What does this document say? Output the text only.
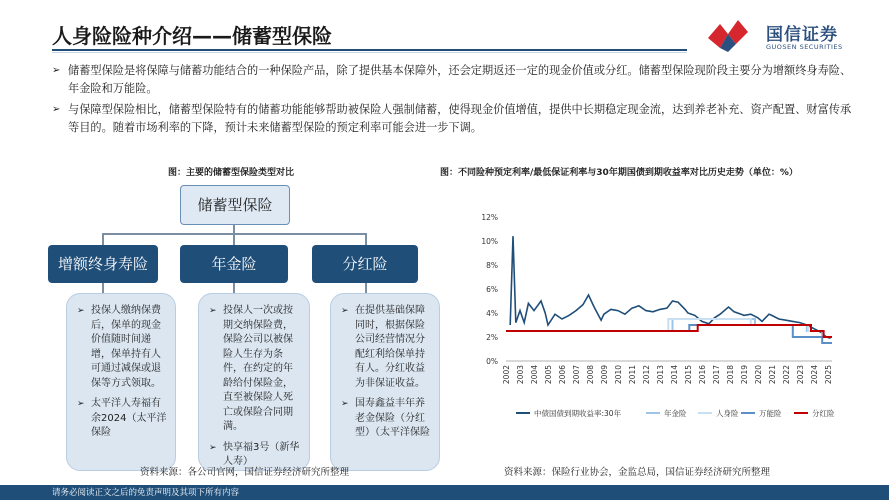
人身险险种介绍——储蓄型保险	国信证券
GUOSEN SECURITIES
➢ 储蓄型保险是将保障与储蓄功能结合的一种保险产品，除了提供基本保障外，还会定期返还一定的现金价值或分红。储蓄型保险现阶段主要分为增额终身寿险、年金险和万能险。
➢ 与保障型保险相比，储蓄型保险特有的储蓄功能能够帮助被保险人强制储蓄，使得现金价值增值，提供中长期稳定现金流，达到养老补充、资产配置、财富传承等目的。随着市场利率的下降，预计未来储蓄型保险的预定利率可能会进一步下调。
图：主要的储蓄型保险类型对比
储蓄型保险
增额终身寿险	年金险	分红险
➢ 投保人缴纳保费后，保单的现金价值随时间递增，保单持有人可通过减保或退保等方式领取。
➢ 太平洋人寿福有余2024（太平洋保险
➢ 投保人一次或按期交纳保险费，保险公司以被保险人生存为条件，在约定的年龄给付保险金，直至被保险人死亡或保险合同期满。
➢ 快享福3号（新华人寿）
➢ 在提供基础保障同时，根据保险公司经营情况分配红利给保单持有人。分红收益为非保证收益。
➢ 国寿鑫益丰年养老金保险（分红型）（太平洋保险
资料来源：各公司官网，国信证券经济研究所整理
图：不同险种预定利率/最低保证利率与30年期国债到期收益率对比历史走势（单位：%）
0%
2%
4%
6%
8%
10%
12%
2002 2003 2004 2005 2006 2007 2008 2009 2010 2011 2012 2013 2014 2015 2016 2017 2018 2019 2020 2021 2022 2023 2024 2025
中债国债到期收益率:30年	年金险	人身险	万能险	分红险
资料来源：保险行业协会，金监总局，国信证券经济研究所整理
请务必阅读正文之后的免责声明及其项下所有内容
